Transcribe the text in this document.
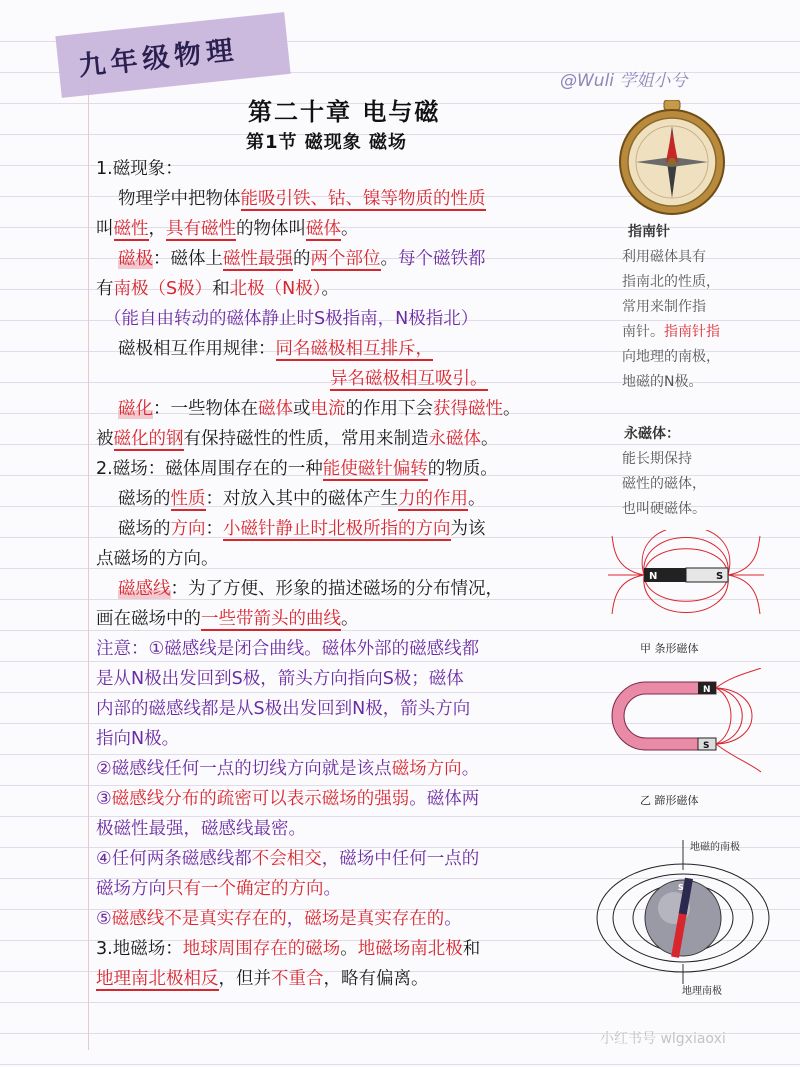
九年级物理	@Wuli 学姐小兮
第二十章 电与磁
第1节 磁现象 磁场
1.磁现象：
物理学中把物体能吸引铁、钴、镍等物质的性质
叫磁性，具有磁性的物体叫磁体。
磁极：磁体上磁性最强的两个部位。每个磁铁都
有南极（S极）和北极（N极）。
（能自由转动的磁体静止时S极指南，N极指北）
磁极相互作用规律：同名磁极相互排斥，
异名磁极相互吸引。
磁化：一些物体在磁体或电流的作用下会获得磁性。
被磁化的钢有保持磁性的性质，常用来制造永磁体。
2.磁场：磁体周围存在的一种能使磁针偏转的物质。
磁场的性质：对放入其中的磁体产生力的作用。
磁场的方向：小磁针静止时北极所指的方向为该
点磁场的方向。
磁感线：为了方便、形象的描述磁场的分布情况，
画在磁场中的一些带箭头的曲线。
注意：①磁感线是闭合曲线。磁体外部的磁感线都
是从N极出发回到S极，箭头方向指向S极；磁体
内部的磁感线都是从S极出发回到N极，箭头方向
指向N极。
②磁感线任何一点的切线方向就是该点磁场方向。
③磁感线分布的疏密可以表示磁场的强弱。磁体两
极磁性最强，磁感线最密。
④任何两条磁感线都不会相交，磁场中任何一点的
磁场方向只有一个确定的方向。
⑤磁感线不是真实存在的，磁场是真实存在的。
3.地磁场：地球周围存在的磁场。地磁场南北极和
地理南北极相反，但并不重合，略有偏离。
指南针
利用磁体具有
指南北的性质，
常用来制作指
南针。指南针指
向地理的南极，
地磁的N极。
永磁体：
能长期保持
磁性的磁体，
也叫硬磁体。
N	S
甲 条形磁体
N
S
乙 蹄形磁体
S
地磁的南极
地理南极
小红书号 wlgxiaoxi
